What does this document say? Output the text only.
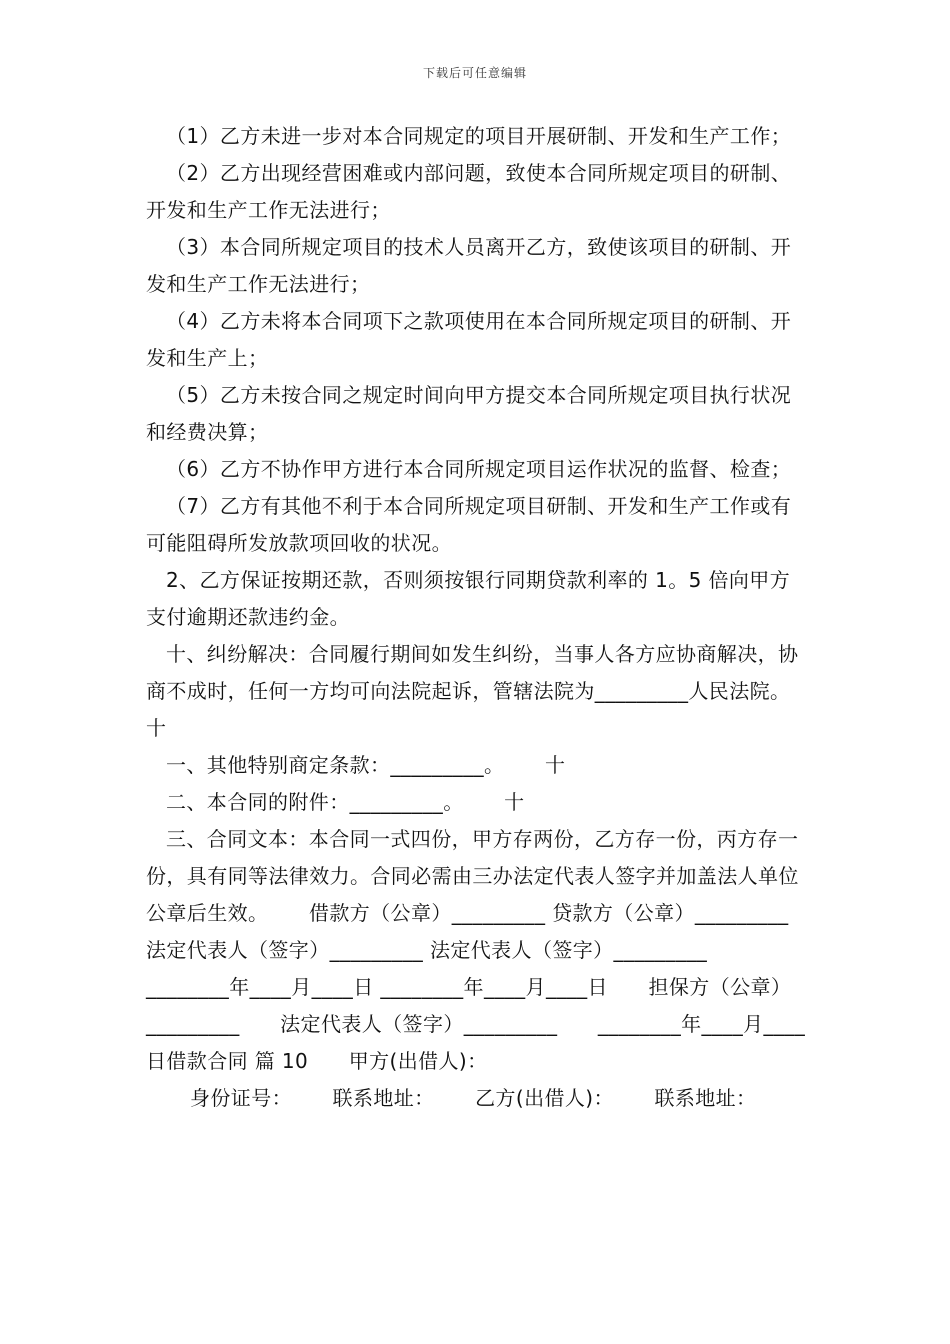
下载后可任意编辑

（1）乙方未进一步对本合同规定的项目开展研制、开发和生产工作；

（2）乙方出现经营困难或内部问题，致使本合同所规定项目的研制、开发和生产工作无法进行；

（3）本合同所规定项目的技术人员离开乙方，致使该项目的研制、开发和生产工作无法进行；

（4）乙方未将本合同项下之款项使用在本合同所规定项目的研制、开发和生产上；

（5）乙方未按合同之规定时间向甲方提交本合同所规定项目执行状况和经费决算；

（6）乙方不协作甲方进行本合同所规定项目运作状况的监督、检查；

（7）乙方有其他不利于本合同所规定项目研制、开发和生产工作或有可能阻碍所发放款项回收的状况。

2、乙方保证按期还款，否则须按银行同期贷款利率的 1。5 倍向甲方支付逾期还款违约金。

十、纠纷解决：合同履行期间如发生纠纷，当事人各方应协商解决，协商不成时，任何一方均可向法院起诉，管辖法院为_________人民法院。      十

一、其他特别商定条款：_________。      十

二、本合同的附件：_________。      十

三、合同文本：本合同一式四份，甲方存两份，乙方存一份，丙方存一份，具有同等法律效力。合同必需由三办法定代表人签字并加盖法人单位公章后生效。      借款方（公章）_________ 贷款方（公章）_________      法定代表人（签字）_________ 法定代表人（签字）_________      ________年____月____日 ________年____月____日      担保方（公章）_________      法定代表人（签字）_________      ________年____月____日借款合同 篇 10      甲方(出借人)：

身份证号：      联系地址：      乙方(出借人)：      联系地址：
